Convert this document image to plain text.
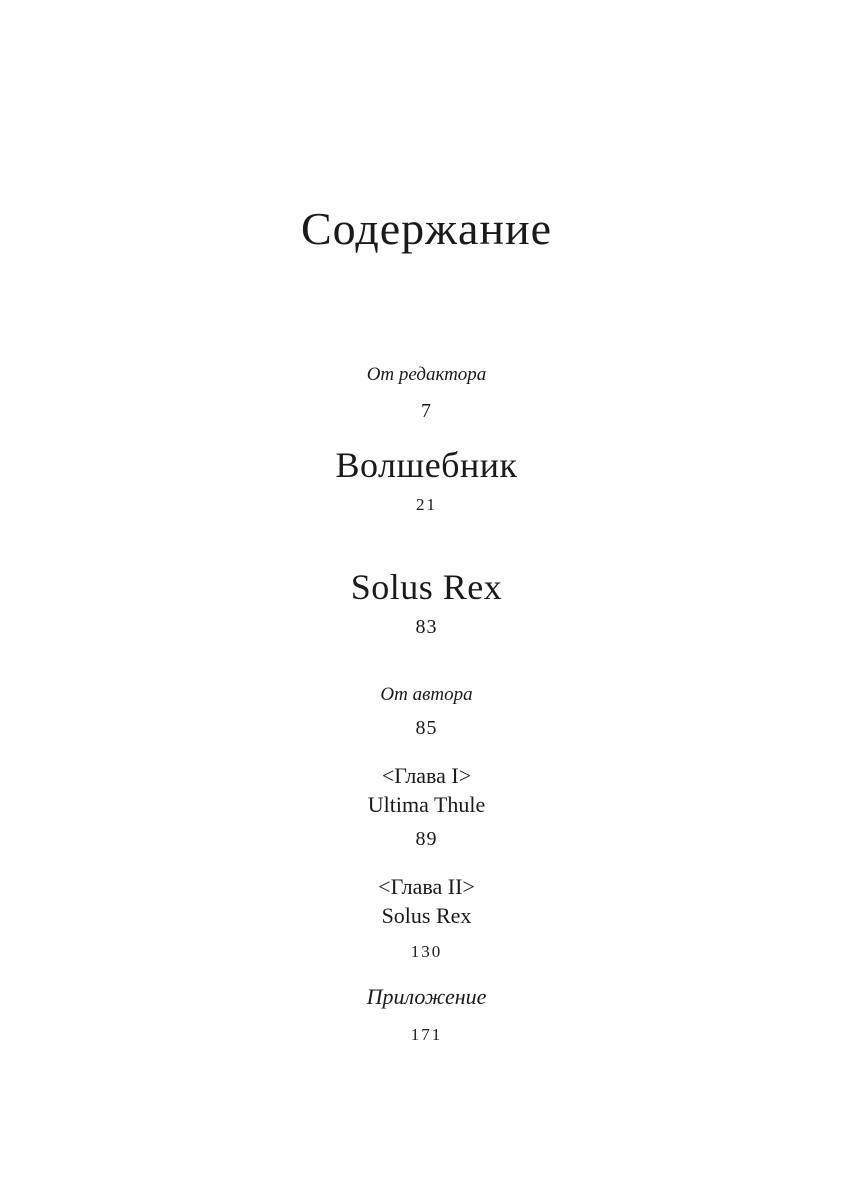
Содержание
От редактора
7
Волшебник
21
Solus Rex
83
От автора
85
<Глава I>
Ultima Thule
89
<Глава II>
Solus Rex
130
Приложение
171
